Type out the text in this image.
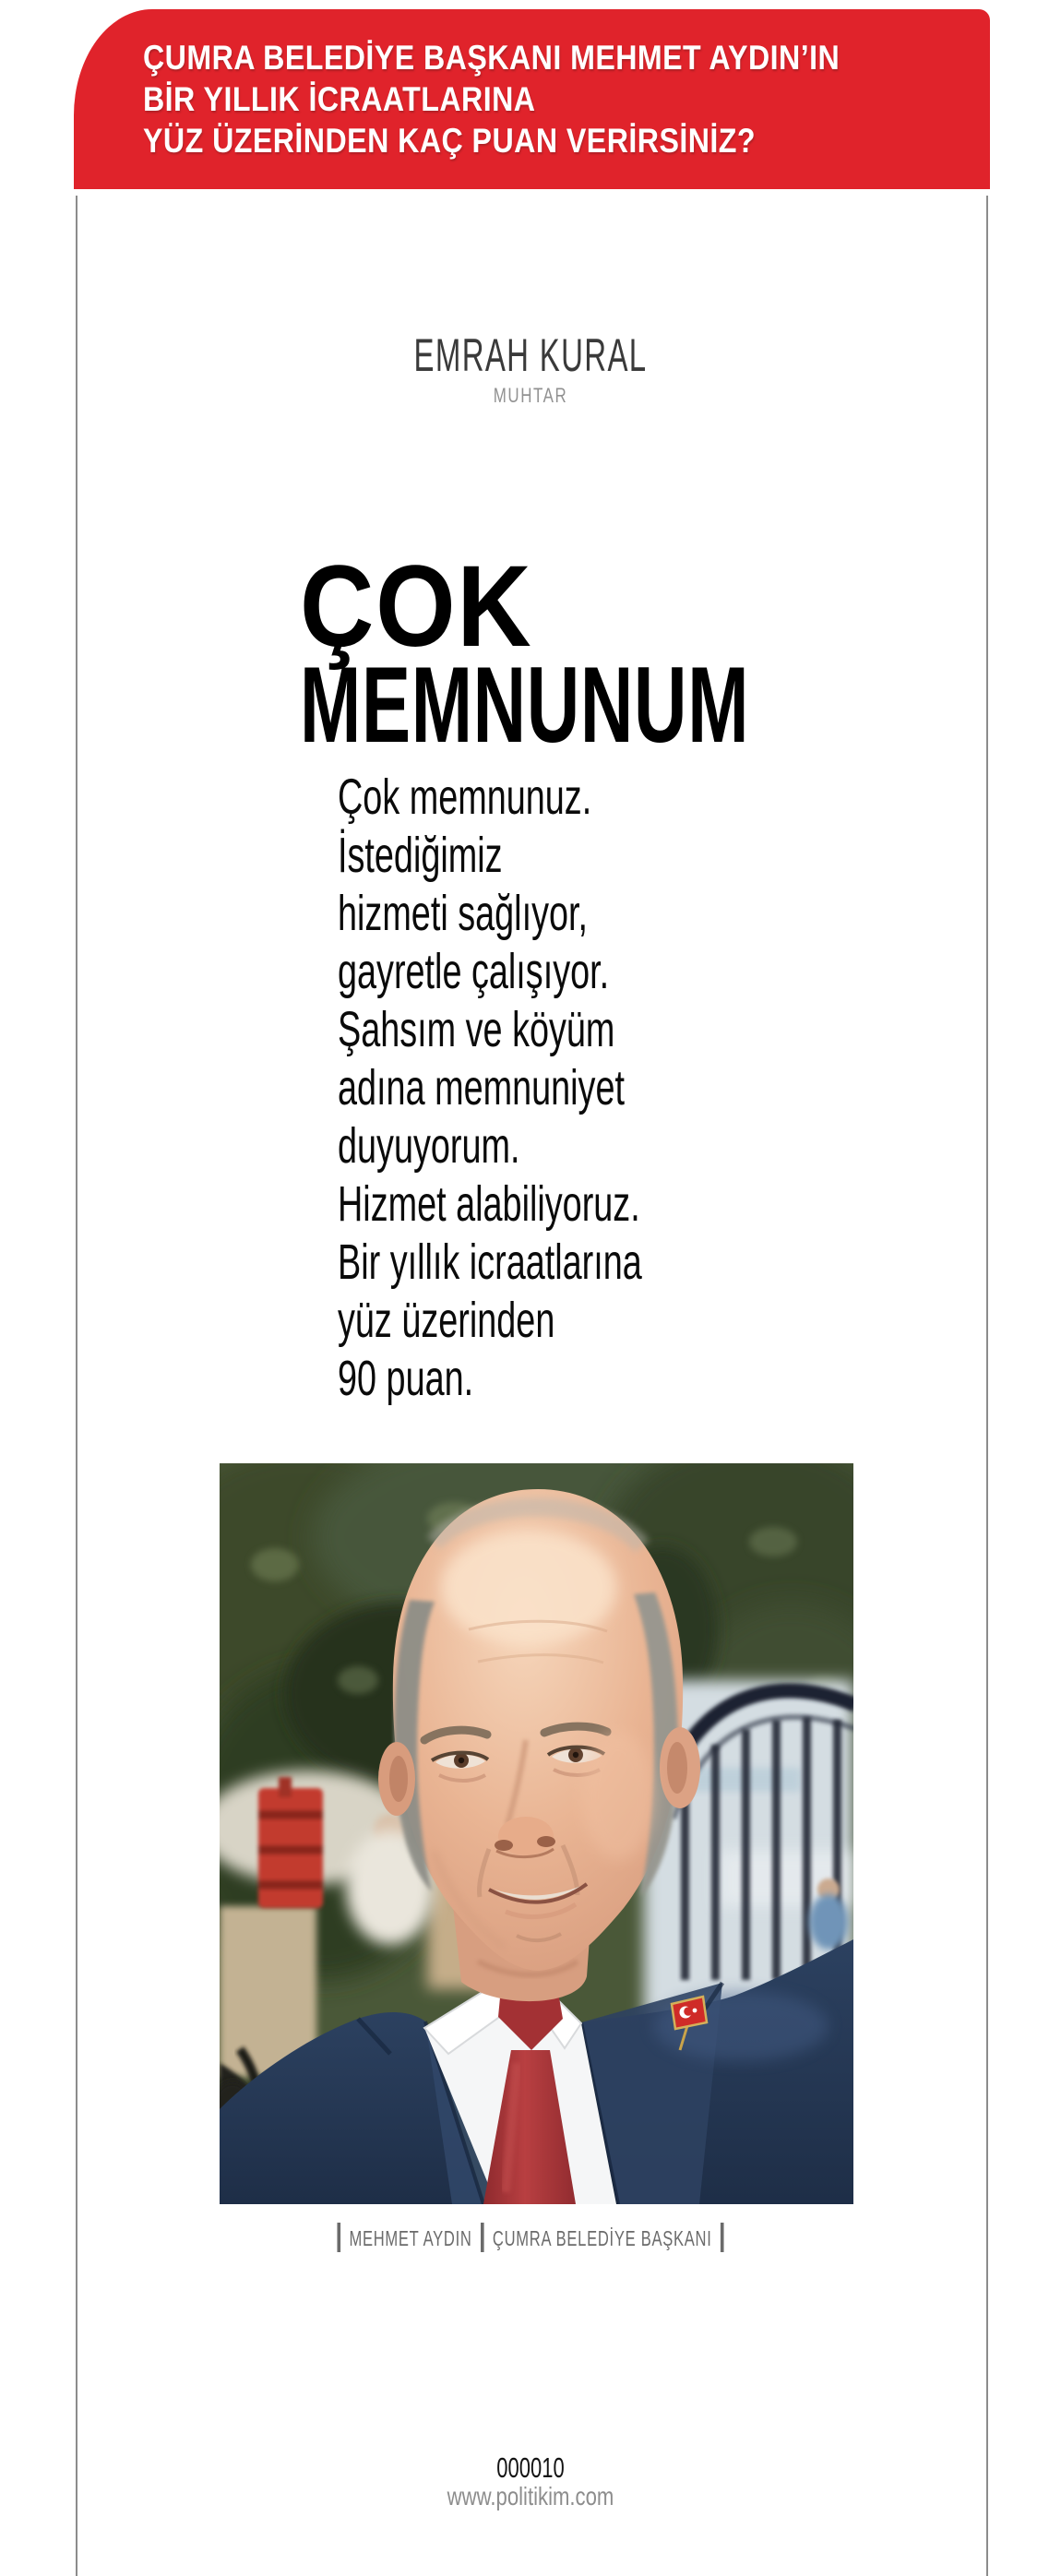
ÇUMRA BELEDİYE BAŞKANI MEHMET AYDIN’IN
BİR YILLIK İCRAATLARINA
YÜZ ÜZERİNDEN KAÇ PUAN VERİRSİNİZ?
EMRAH KURAL
MUHTAR
ÇOK
MEMNUNUM
Çok memnunuz.
İstediğimiz
hizmeti sağlıyor,
gayretle çalışıyor.
Şahsım ve köyüm
adına memnuniyet
duyuyorum.
Hizmet alabiliyoruz.
Bir yıllık icraatlarına
yüz üzerinden
90 puan.
MEHMET AYDIN ÇUMRA BELEDİYE BAŞKANI
000010
www.politikim.com
